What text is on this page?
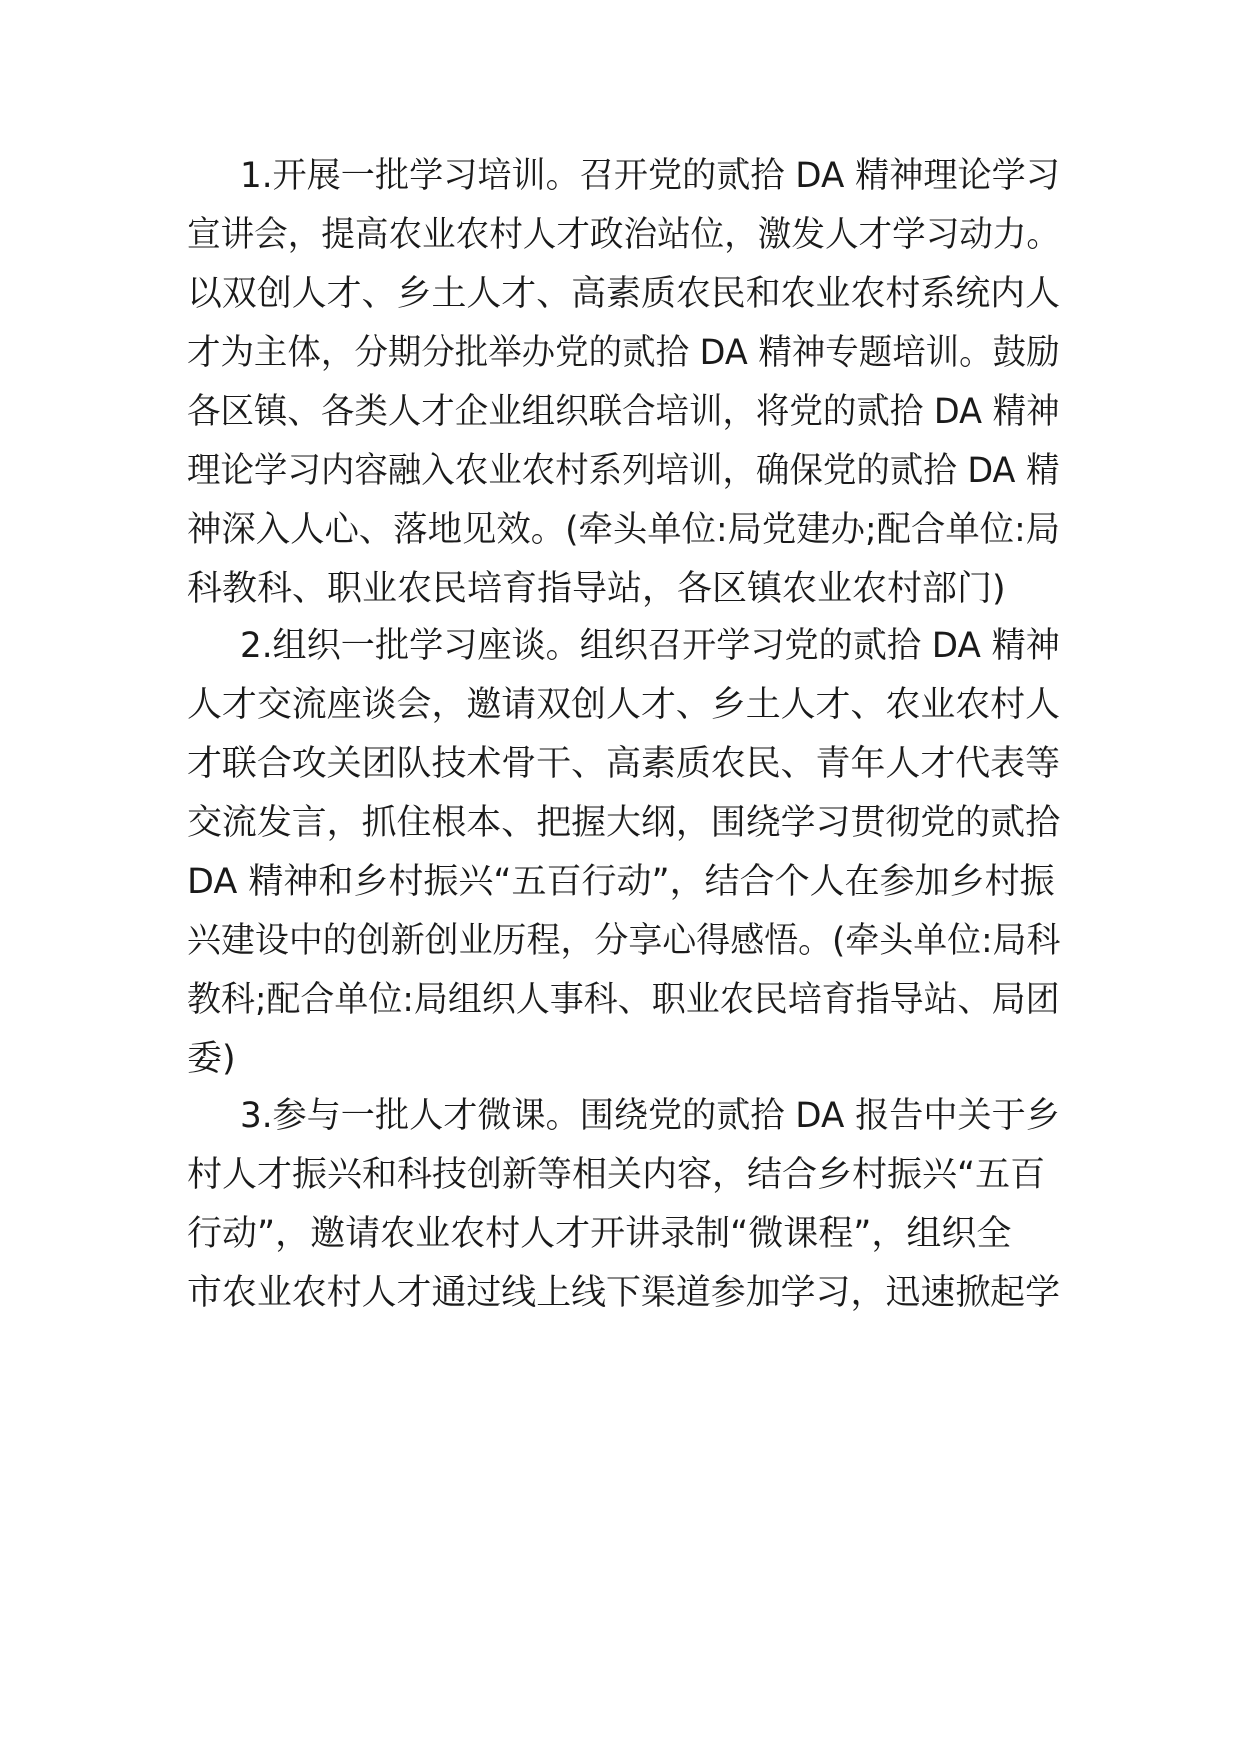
1.开展一批学习培训。召开党的贰拾 DA 精神理论学习
宣讲会，提高农业农村人才政治站位，激发人才学习动力。
以双创人才、乡土人才、高素质农民和农业农村系统内人
才为主体，分期分批举办党的贰拾 DA 精神专题培训。鼓励
各区镇、各类人才企业组织联合培训，将党的贰拾 DA 精神
理论学习内容融入农业农村系列培训，确保党的贰拾 DA 精
神深入人心、落地见效。(牵头单位:局党建办;配合单位:局
科教科、职业农民培育指导站，各区镇农业农村部门)
2.组织一批学习座谈。组织召开学习党的贰拾 DA 精神
人才交流座谈会，邀请双创人才、乡土人才、农业农村人
才联合攻关团队技术骨干、高素质农民、青年人才代表等
交流发言，抓住根本、把握大纲，围绕学习贯彻党的贰拾
DA 精神和乡村振兴“五百行动”，结合个人在参加乡村振
兴建设中的创新创业历程，分享心得感悟。(牵头单位:局科
教科;配合单位:局组织人事科、职业农民培育指导站、局团
委)
3.参与一批人才微课。围绕党的贰拾 DA 报告中关于乡
村人才振兴和科技创新等相关内容，结合乡村振兴“五百
行动”，邀请农业农村人才开讲录制“微课程”，组织全
市农业农村人才通过线上线下渠道参加学习，迅速掀起学
